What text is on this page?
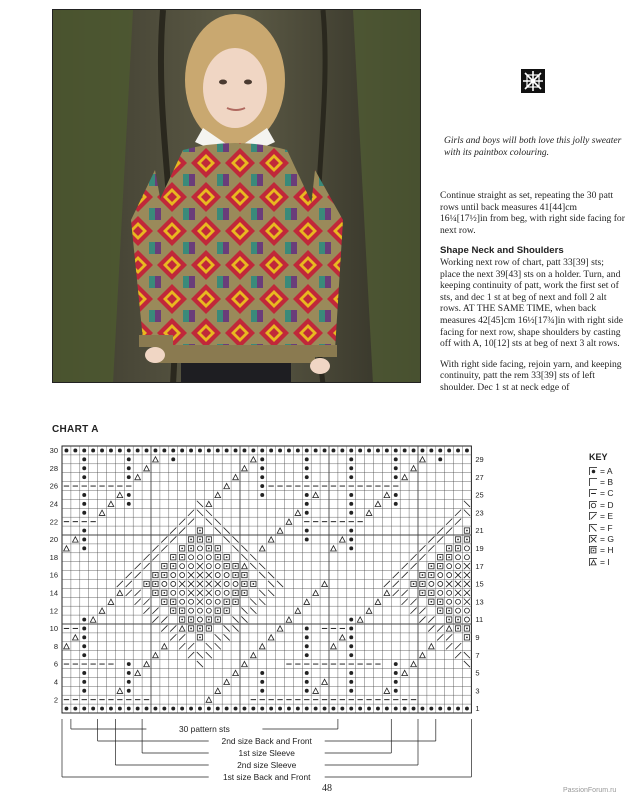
Girls and boys will both love this jolly sweater with its paintbox colouring.

Continue straight as set, repeating the 30 patt rows until back measures 41[44]cm 16¼[17½]in from beg, with right side facing for next row.

Shape Neck and Shoulders

Working next row of chart, patt 33[39] sts; place the next 39[43] sts on a holder. Turn, and keeping continuity of patt, work the first set of sts, and dec 1 st at beg of next and foll 2 alt rows. AT THE SAME TIME, when back measures 42[45]cm 16½[17¾]in with right side facing for next row, shape shoulders by casting off with A, 10[12] sts at beg of next 3 alt rows.

With right side facing, rejoin yarn, and keeping continuity, patt the rem 33[39] sts of left shoulder. Dec 1 st at neck edge of

CHART A
30
28
26
24
22
20
18
16
14
12
10
8
6
4
2
29
27
25
23
21
19
17
15
13
11
9
7
5
3
1
30 pattern sts
2nd size Back and Front
1st size Sleeve
2nd size Sleeve
1st size Back and Front
KEY
= A
= B
= C
= D
= E
= F
= G
= H
= I
48	PassionForum.ru
